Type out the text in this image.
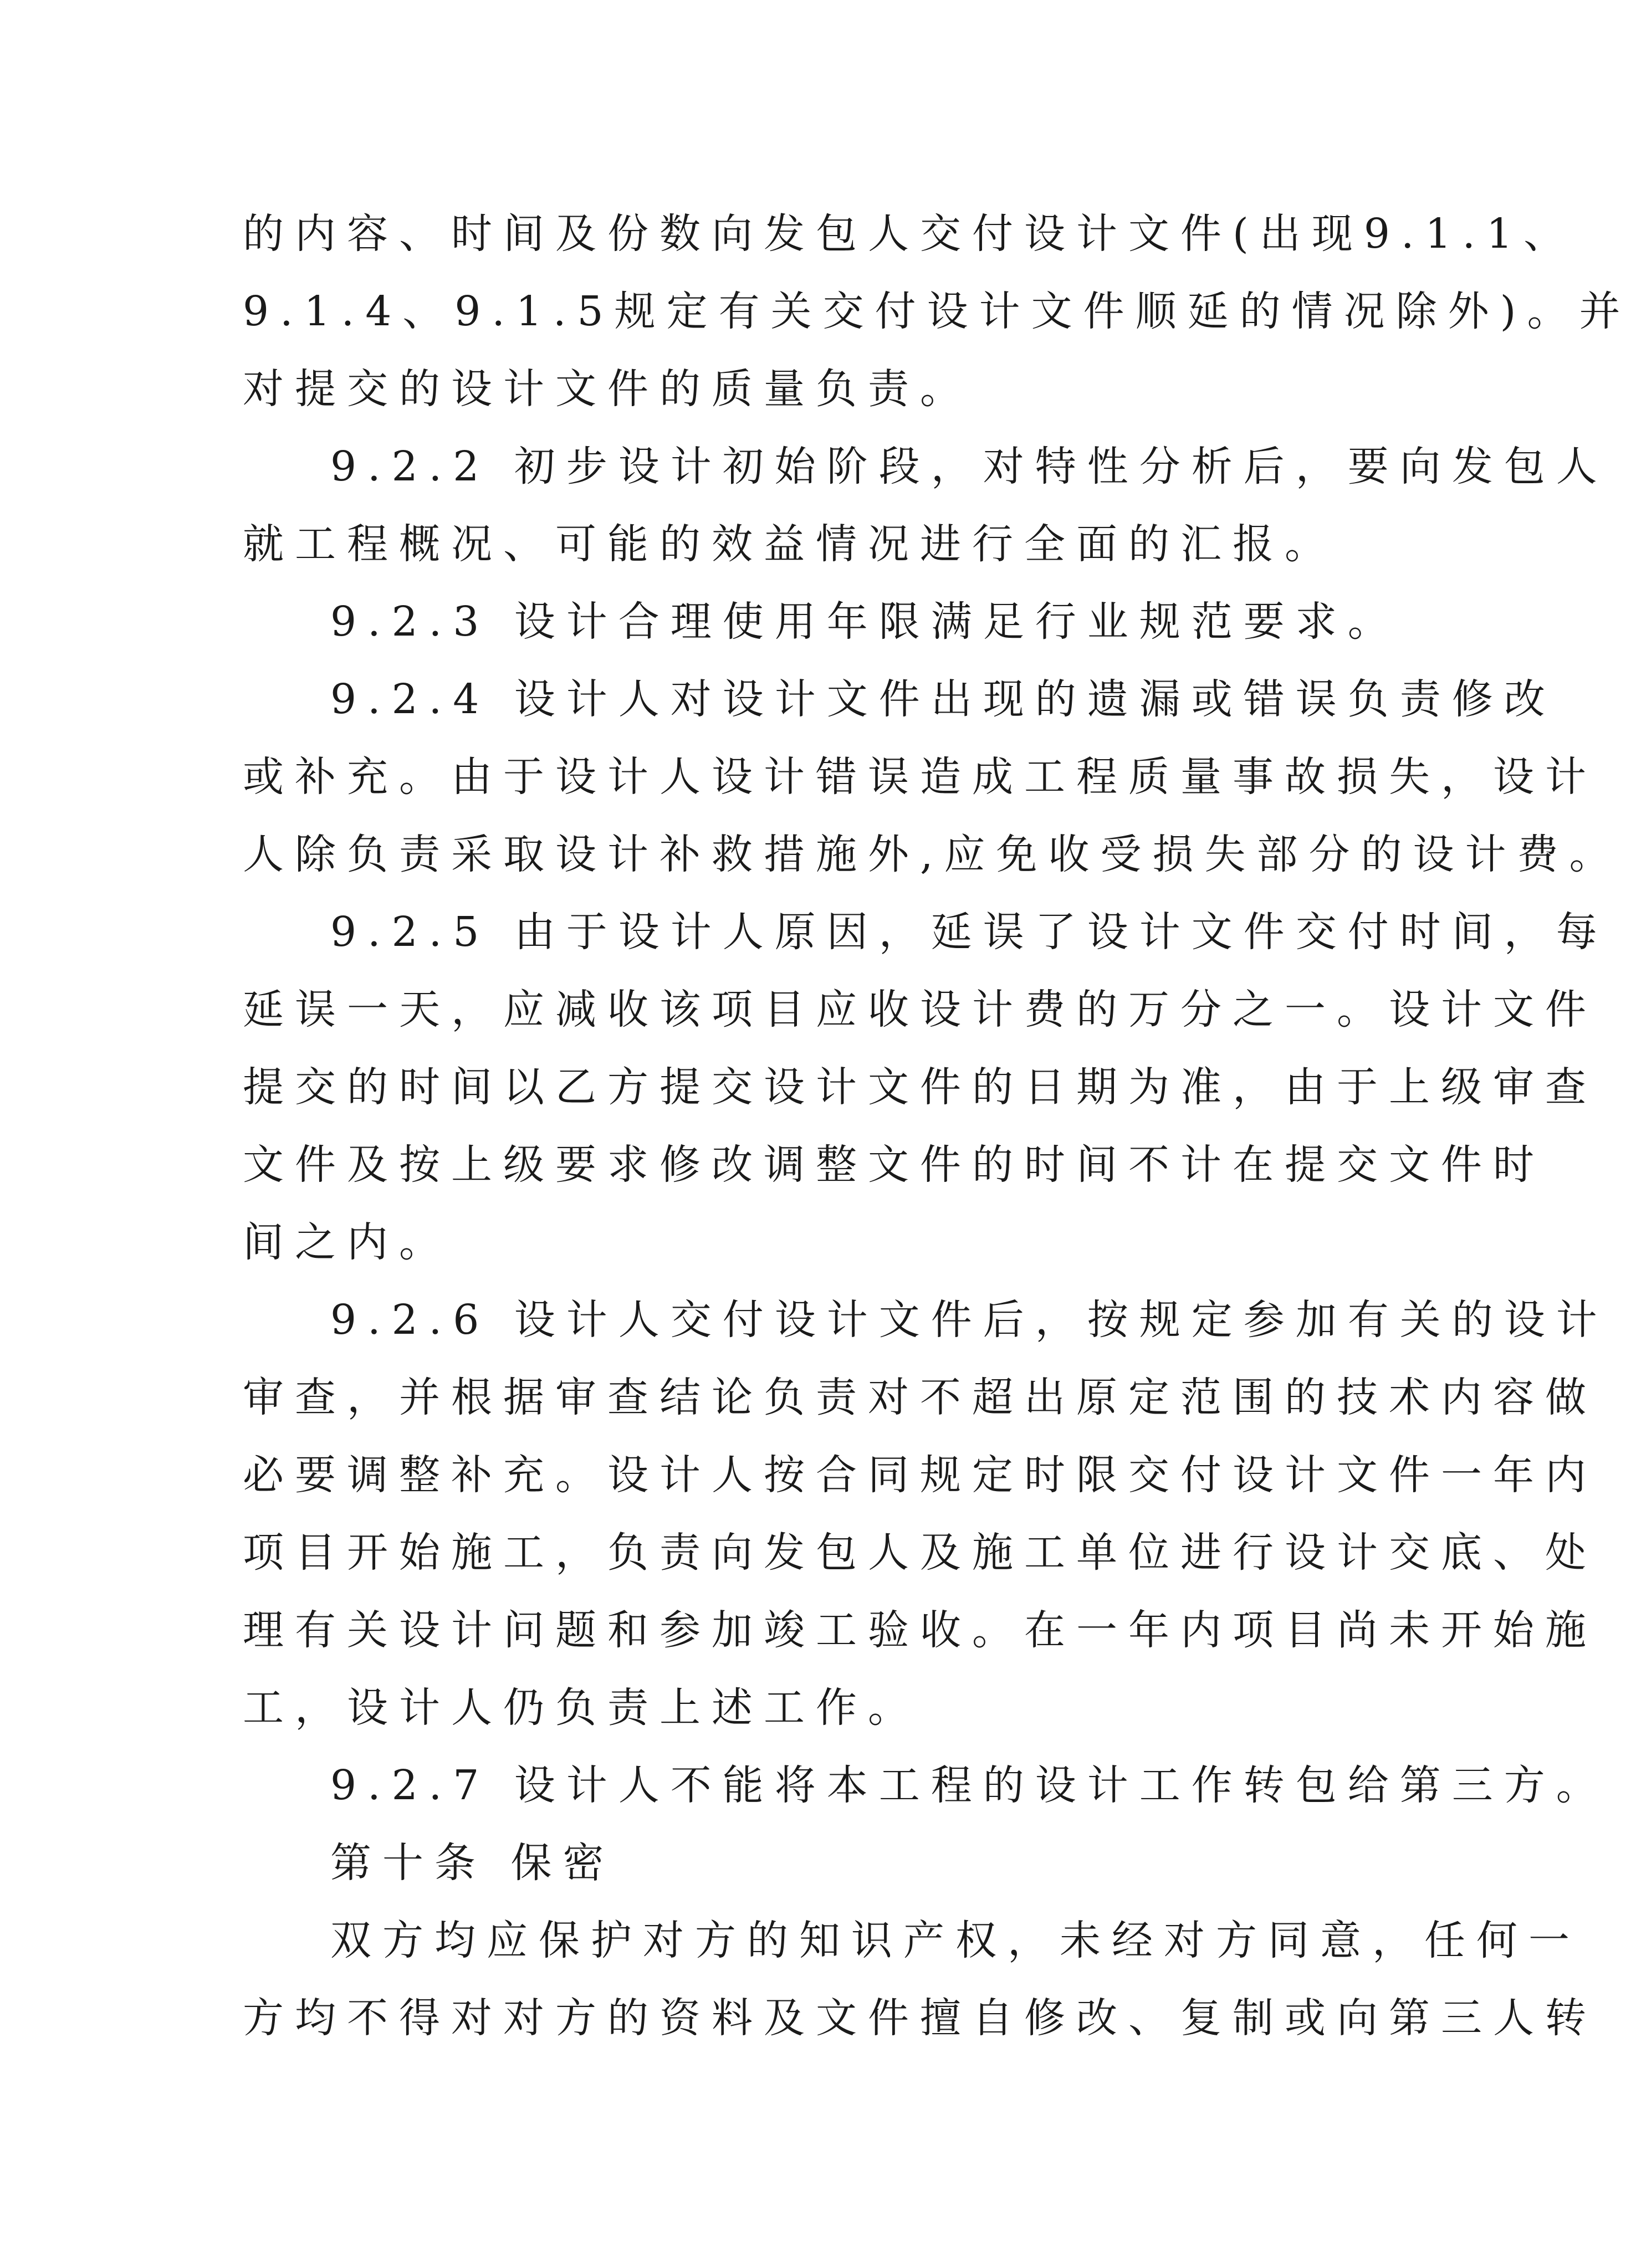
的内容、时间及份数向发包人交付设计文件(出现9.1.1、
9.1.4、9.1.5规定有关交付设计文件顺延的情况除外)。并
对提交的设计文件的质量负责。
9.2.2 初步设计初始阶段，对特性分析后，要向发包人
就工程概况、可能的效益情况进行全面的汇报。
9.2.3 设计合理使用年限满足行业规范要求。
9.2.4 设计人对设计文件出现的遗漏或错误负责修改
或补充。由于设计人设计错误造成工程质量事故损失，设计
人除负责采取设计补救措施外,应免收受损失部分的设计费。
9.2.5 由于设计人原因，延误了设计文件交付时间，每
延误一天，应减收该项目应收设计费的万分之一。设计文件
提交的时间以乙方提交设计文件的日期为准，由于上级审查
文件及按上级要求修改调整文件的时间不计在提交文件时
间之内。
9.2.6 设计人交付设计文件后，按规定参加有关的设计
审查，并根据审查结论负责对不超出原定范围的技术内容做
必要调整补充。设计人按合同规定时限交付设计文件一年内
项目开始施工，负责向发包人及施工单位进行设计交底、处
理有关设计问题和参加竣工验收。在一年内项目尚未开始施
工，设计人仍负责上述工作。
9.2.7 设计人不能将本工程的设计工作转包给第三方。
第十条 保密
双方均应保护对方的知识产权，未经对方同意，任何一
方均不得对对方的资料及文件擅自修改、复制或向第三人转
